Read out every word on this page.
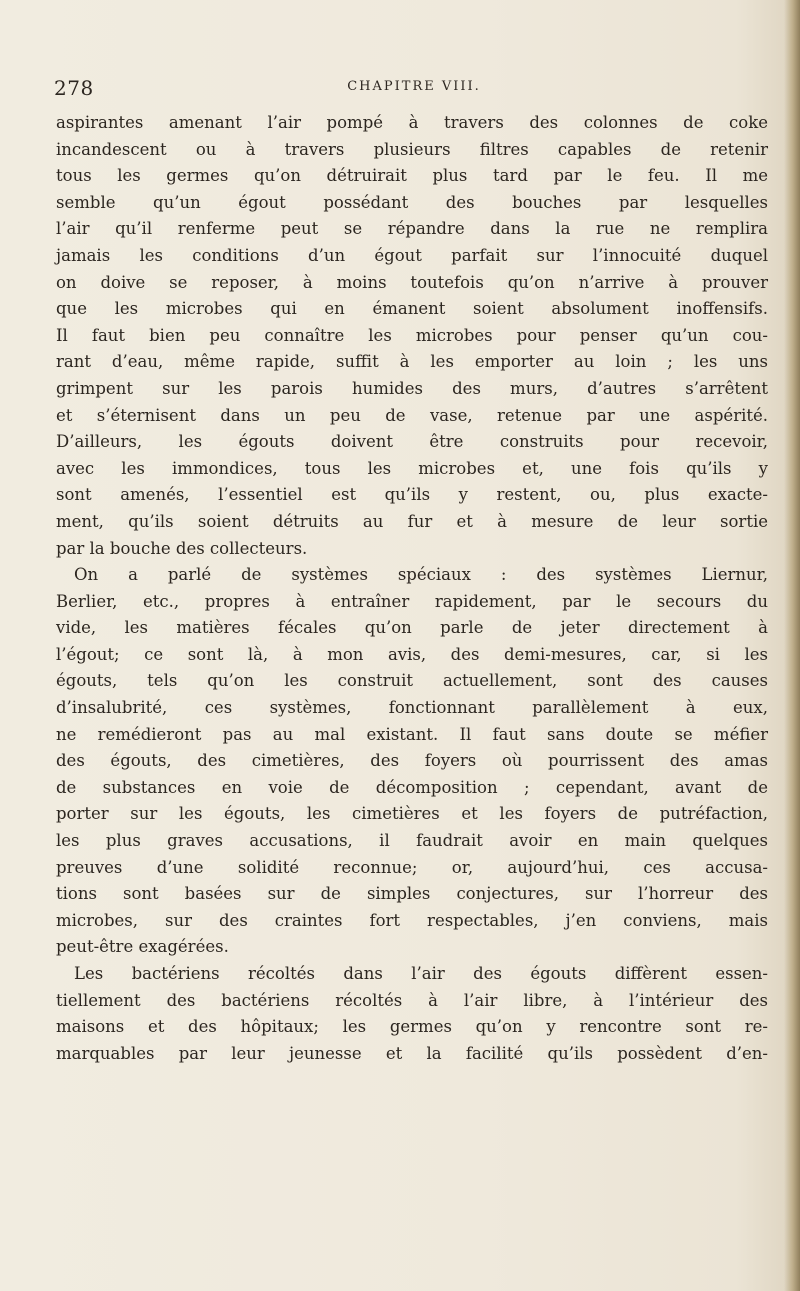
278	CHAPITRE VIII.
aspirantes amenant l’air pompé à travers des colonnes de coke
incandescent ou à travers plusieurs filtres capables de retenir
tous les germes qu’on détruirait plus tard par le feu. Il me
semble qu’un égout possédant des bouches par lesquelles
l’air qu’il renferme peut se répandre dans la rue ne remplira
jamais les conditions d’un égout parfait sur l’innocuité duquel
on doive se reposer, à moins toutefois qu’on n’arrive à prouver
que les microbes qui en émanent soient absolument inoffensifs.
Il faut bien peu connaître les microbes pour penser qu’un cou-
rant d’eau, même rapide, suffit à les emporter au loin ; les uns
grimpent sur les parois humides des murs, d’autres s’arrêtent
et s’éternisent dans un peu de vase, retenue par une aspérité.
D’ailleurs, les égouts doivent être construits pour recevoir,
avec les immondices, tous les microbes et, une fois qu’ils y
sont amenés, l’essentiel est qu’ils y restent, ou, plus exacte-
ment, qu’ils soient détruits au fur et à mesure de leur sortie
par la bouche des collecteurs.
On a parlé de systèmes spéciaux : des systèmes Liernur,
Berlier, etc., propres à entraîner rapidement, par le secours du
vide, les matières fécales qu’on parle de jeter directement à
l’égout; ce sont là, à mon avis, des demi-mesures, car, si les
égouts, tels qu’on les construit actuellement, sont des causes
d’insalubrité, ces systèmes, fonctionnant parallèlement à eux,
ne remédieront pas au mal existant. Il faut sans doute se méfier
des égouts, des cimetières, des foyers où pourrissent des amas
de substances en voie de décomposition ; cependant, avant de
porter sur les égouts, les cimetières et les foyers de putréfaction,
les plus graves accusations, il faudrait avoir en main quelques
preuves d’une solidité reconnue; or, aujourd’hui, ces accusa-
tions sont basées sur de simples conjectures, sur l’horreur des
microbes, sur des craintes fort respectables, j’en conviens, mais
peut-être exagérées.
Les bactériens récoltés dans l’air des égouts diffèrent essen-
tiellement des bactériens récoltés à l’air libre, à l’intérieur des
maisons et des hôpitaux; les germes qu’on y rencontre sont re-
marquables par leur jeunesse et la facilité qu’ils possèdent d’en-
